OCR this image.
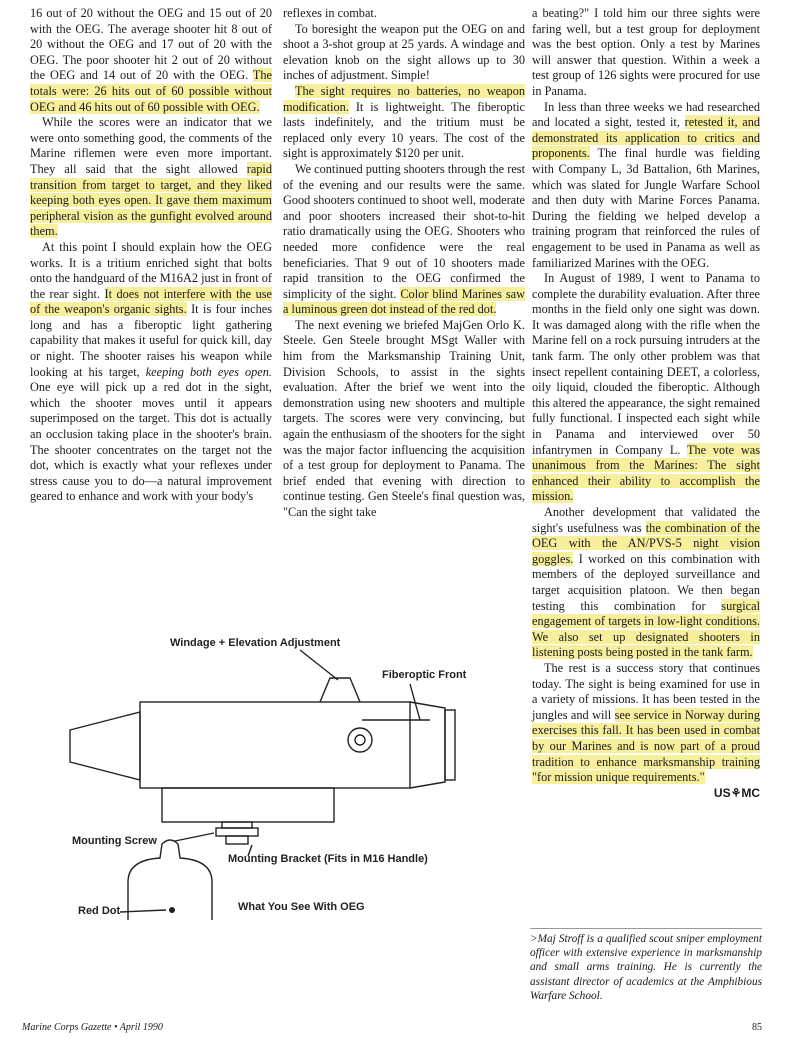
16 out of 20 without the OEG and 15 out of 20 with the OEG. The average shooter hit 8 out of 20 without the OEG and 17 out of 20 with the OEG. The poor shooter hit 2 out of 20 without the OEG and 14 out of 20 with the OEG. The totals were: 26 hits out of 60 possible without OEG and 46 hits out of 60 possible with OEG.

While the scores were an indicator that we were onto something good, the comments of the Marine riflemen were even more important. They all said that the sight allowed rapid transition from target to target, and they liked keeping both eyes open. It gave them maximum peripheral vision as the gunfight evolved around them.

At this point I should explain how the OEG works. It is a tritium enriched sight that bolts onto the handguard of the M16A2 just in front of the rear sight. It does not interfere with the use of the weapon's organic sights. It is four inches long and has a fiberoptic light gathering capability that makes it useful for quick kill, day or night. The shooter raises his weapon while looking at his target, keeping both eyes open. One eye will pick up a red dot in the sight, which the shooter moves until it appears superimposed on the target. This dot is actually an occlusion taking place in the shooter's brain. The shooter concentrates on the target not the dot, which is exactly what your reflexes under stress cause you to do—a natural improvement geared to enhance and work with your body's

reflexes in combat.

To boresight the weapon put the OEG on and shoot a 3-shot group at 25 yards. A windage and elevation knob on the sight allows up to 30 inches of adjustment. Simple!

The sight requires no batteries, no weapon modification. It is lightweight. The fiberoptic lasts indefinitely, and the tritium must be replaced only every 10 years. The cost of the sight is approximately $120 per unit.

We continued putting shooters through the rest of the evening and our results were the same. Good shooters continued to shoot well, moderate and poor shooters increased their shot-to-hit ratio dramatically using the OEG. Shooters who needed more confidence were the real beneficiaries. That 9 out of 10 shooters made rapid transition to the OEG confirmed the simplicity of the sight. Color blind Marines saw a luminous green dot instead of the red dot.

The next evening we briefed MajGen Orlo K. Steele. Gen Steele brought MSgt Waller with him from the Marksmanship Training Unit, Division Schools, to assist in the sights evaluation. After the brief we went into the demonstration using new shooters and multiple targets. The scores were very convincing, but again the enthusiasm of the shooters for the sight was the major factor influencing the acquisition of a test group for deployment to Panama. The brief ended that evening with direction to continue testing. Gen Steele's final question was, "Can the sight take

a beating?" I told him our three sights were faring well, but a test group for deployment was the best option. Only a test by Marines will answer that question. Within a week a test group of 126 sights were procured for use in Panama.

In less than three weeks we had researched and located a sight, tested it, retested it, and demonstrated its application to critics and proponents. The final hurdle was fielding with Company L, 3d Battalion, 6th Marines, which was slated for Jungle Warfare School and then duty with Marine Forces Panama. During the fielding we helped develop a training program that reinforced the rules of engagement to be used in Panama as well as familiarized Marines with the OEG.

In August of 1989, I went to Panama to complete the durability evaluation. After three months in the field only one sight was down. It was damaged along with the rifle when the Marine fell on a rock pursuing intruders at the tank farm. The only other problem was that insect repellent containing DEET, a colorless, oily liquid, clouded the fiberoptic. Although this altered the appearance, the sight remained fully functional. I inspected each sight while in Panama and interviewed over 50 infantrymen in Company L. The vote was unanimous from the Marines: The sight enhanced their ability to accomplish the mission.

Another development that validated the sight's usefulness was the combination of the OEG with the AN/PVS-5 night vision goggles. I worked on this combination with members of the deployed surveillance and target acquisition platoon. We then began testing this combination for surgical engagement of targets in low-light conditions. We also set up designated shooters in listening posts being posted in the tank farm.

The rest is a success story that continues today. The sight is being examined for use in a variety of missions. It has been tested in the jungles and will see service in Norway during exercises this fall. It has been used in combat by our Marines and is now part of a proud tradition to enhance marksmanship training "for mission unique requirements."
US⚘MC

Windage + Elevation Adjustment
Fiberoptic Front
Mounting Screw
Mounting Bracket (Fits in M16 Handle)
Red Dot	What You See With OEG
>Maj Stroff is a qualified scout sniper employment officer with extensive experience in marksmanship and small arms training. He is currently the assistant director of academics at the Amphibious Warfare School.
Marine Corps Gazette • April 1990	85
